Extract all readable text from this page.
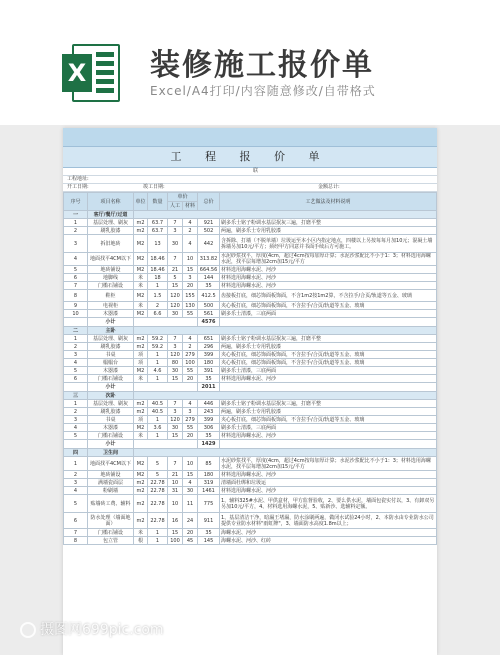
X 装修施工报价单
Excel/A4打印/内容随意修改/自带格式
工 程 报 价 单
联
工程地址:
开工日期:	竣工日期:	金额总计:
序号	项目名称	单位	数量	单价		总价	工艺做法及材料说明
				人工	材料		
一	客厅/餐厅/过道						
1	基层处理、刷灰	m2	63.7	7	4	921	刷多乐士铭子粉调水基层抿灰三遍，打磨平整
2	刷乳胶漆	m2	63.7	3	2	502	两遍，刷多乐士专用乳胶漆
3	拆旧地砖	M2	13	30	4	442	含拆除、打墙（不脱单墙）垃圾运至本小区内指定地点，四楼以上另按每每月加10元；混凝土墙拆墙另加10元/平方；须经甲方同意并书面手续后方可施工。
4	地面找平4CM以下	M2	18.46	7	10	313.82	水泥砂浆找平，厚度(4cm，超过4cm按每加厚计算；水泥沙浆配比不小于1：3；材料选用海螺水泥，找平层每增加2cm加15元/平方
5	地砖铺设	M2	18.46	21	15	664.56	材料选用海螺水泥、河沙
6	地脚线	米	18	5	3	144	材料选用海螺水泥、河沙
7	门槛石铺设	米	1	15	20	35	材料选用海螺水泥、河沙
8	鞋柜	M2	1.5	120	155	412.5	齿接板打底，细芯饰面板饰面，不含1m2按1m2算，不含拉手/合页/轨道等五金、玻璃
9	电视柜	米	2	120	130	500	夹心板打底，细芯饰面板饰面，不含拉手/合页/轨道等五金、玻璃
10	木器漆	M2	6.6	30	55	561	刷多乐士清漆，三底两面
	小计					4576	
二	主卧						
1	基层处理、刷灰	m2	59.2	7	4	651	刷多乐士铭子粉调水基层抿灰三遍，打磨平整
2	刷乳胶漆	m2	59.2	3	2	296	两遍，刷多乐士专用乳胶漆
3	书桌	项	1	120	279	399	夹心板打底，细芯饰面板饰面，不含拉手/合页/轨道等五金、玻璃
4	榻榻台	项	1	80	100	180	夹心板打底，细芯饰面板饰面，不含拉手/合页/轨道等五金、玻璃
5	木器漆	M2	4.6	30	55	391	刷多乐士清漆，三底两面
6	门槛石铺设	米	1	15	20	35	材料选用海螺水泥、河沙
	小计					2011	
三	次卧						
1	基层处理、刷灰	m2	40.5	7	4	446	刷多乐士铭子粉调水基层抿灰三遍，打磨平整
2	刷乳胶漆	m2	40.5	3	3	243	两遍，刷多乐士专用乳胶漆
3	书桌	项	1	120	279	399	夹心板打底，细芯饰面板饰面，不含拉手/合页/轨道等五金、玻璃
4	木器漆	M2	3.6	30	55	306	刷多乐士清漆，三底两面
5	门槛石铺设	米	1	15	20	35	材料选用海螺水泥、河沙
	小计					1429	
四	卫生间						
1	地面找平4CM以下	M2	5	7	10	85	水泥砂浆找平，厚度(4cm，超过4cm按每加厚计算；水泥沙浆配比不小于1：3；材料选用海螺水泥，找平层每增加2cm加15元/平方
2	地砖铺设	M2	5	21	15	180	材料选用海螺水泥、河沙
3	满墙瓷面层	m2	22.78	10	4	319	清墙面杜绑和垃圾运
4	粉刷墙	m2	22.78	31	30	1461	材料选用海螺水泥、河沙
5	贴墙砖工费、辅料	m2	22.78	10	11	775	1、辅料325#水泥、甲供盒材，甲方监督验收，2、要么供水泥，墙面包瓷实付以，3、有卸双另另加10元/平方，4、材料选用海螺水泥，5、贴新沙、选辅料定额。
6	防水处理（墙面地面）	m2	22.78	16	24	911	1、基层清洁干净，暗漏王堵漏，防水涂刷两遍，做闭水试验24小时，2、本防水由专业防水公司提供专业防水材料"雨虹牌"，3、墙面防水高度1.8m以上；
7	门槛石铺设	米	1	15	20	35	海螺水泥、河沙
8	包立管	根	1	100	45	145	海螺水泥、河沙、红砖
摄图网699pic.com
